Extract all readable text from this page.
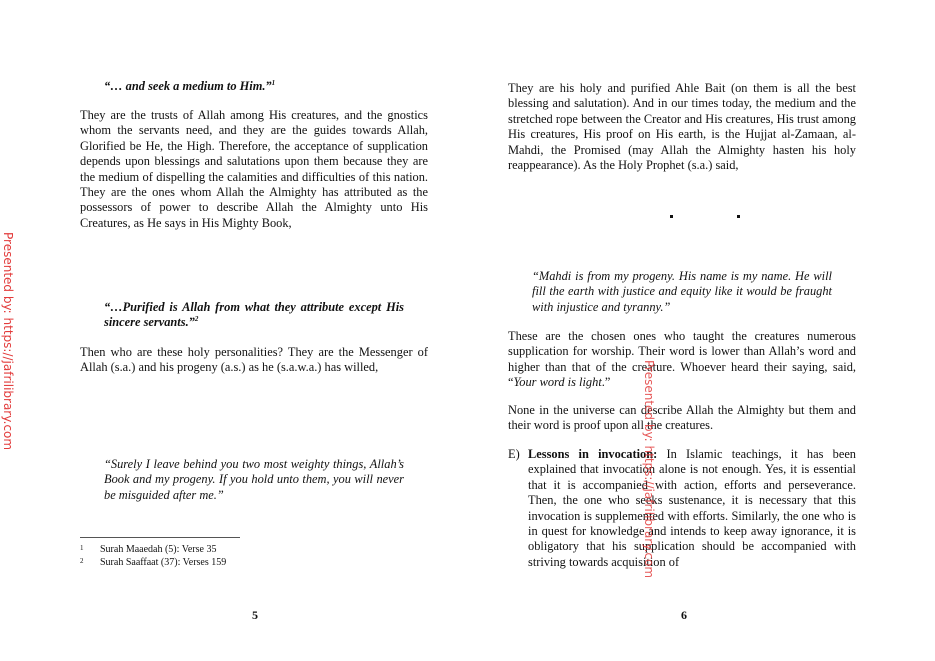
“… and seek a medium to Him.”$^1$

They are the trusts of Allah among His creatures, and the gnostics whom the servants need, and they are the guides towards Allah, Glorified be He, the High. Therefore, the acceptance of supplication depends upon blessings and salutations upon them because they are the medium of dispelling the calamities and difficulties of this nation. They are the ones whom Allah the Almighty has attributed as the possessors of power to describe Allah the Almighty unto His Creatures, as He says in His Mighty Book,

“…Purified is Allah from what they attribute except His sincere servants.”$^2$

Then who are these holy personalities? They are the Messenger of Allah (s.a.) and his progeny (a.s.) as he (s.a.w.a.) has willed,

“Surely I leave behind you two most weighty things, Allah’s Book and my progeny. If you hold unto them, you will never be misguided after me.”

1 Surah Maaedah (5): Verse 35
2 Surah Saaffaat (37): Verses 159
5
Presented by: https://jafrilibrary.com

They are his holy and purified Ahle Bait (on them is all the best blessing and salutation). And in our times today, the medium and the stretched rope between the Creator and His creatures, His trust among His creatures, His proof on His earth, is the Hujjat al-Zamaan, al-Mahdi, the Promised (may Allah the Almighty hasten his holy reappearance). As the Holy Prophet (s.a.) said,

“Mahdi is from my progeny. His name is my name. He will fill the earth with justice and equity like it would be fraught with injustice and tyranny.”

These are the chosen ones who taught the creatures numerous supplication for worship. Their word is lower than Allah’s word and higher than that of the creature. Whoever heard their saying, said, “Your word is light.”

None in the universe can describe Allah the Almighty but them and their word is proof upon all the creatures.

E) Lessons in invocation: In Islamic teachings, it has been explained that invocation alone is not enough. Yes, it is essential that it is accompanied with action, efforts and perseverance. Then, the one who seeks sustenance, it is necessary that this invocation is supplemented with efforts. Similarly, the one who is in quest for knowledge and intends to keep away ignorance, it is obligatory that his supplication should be accompanied with striving towards acquisition of

6
Presented by: https://jafrilibrary.com
